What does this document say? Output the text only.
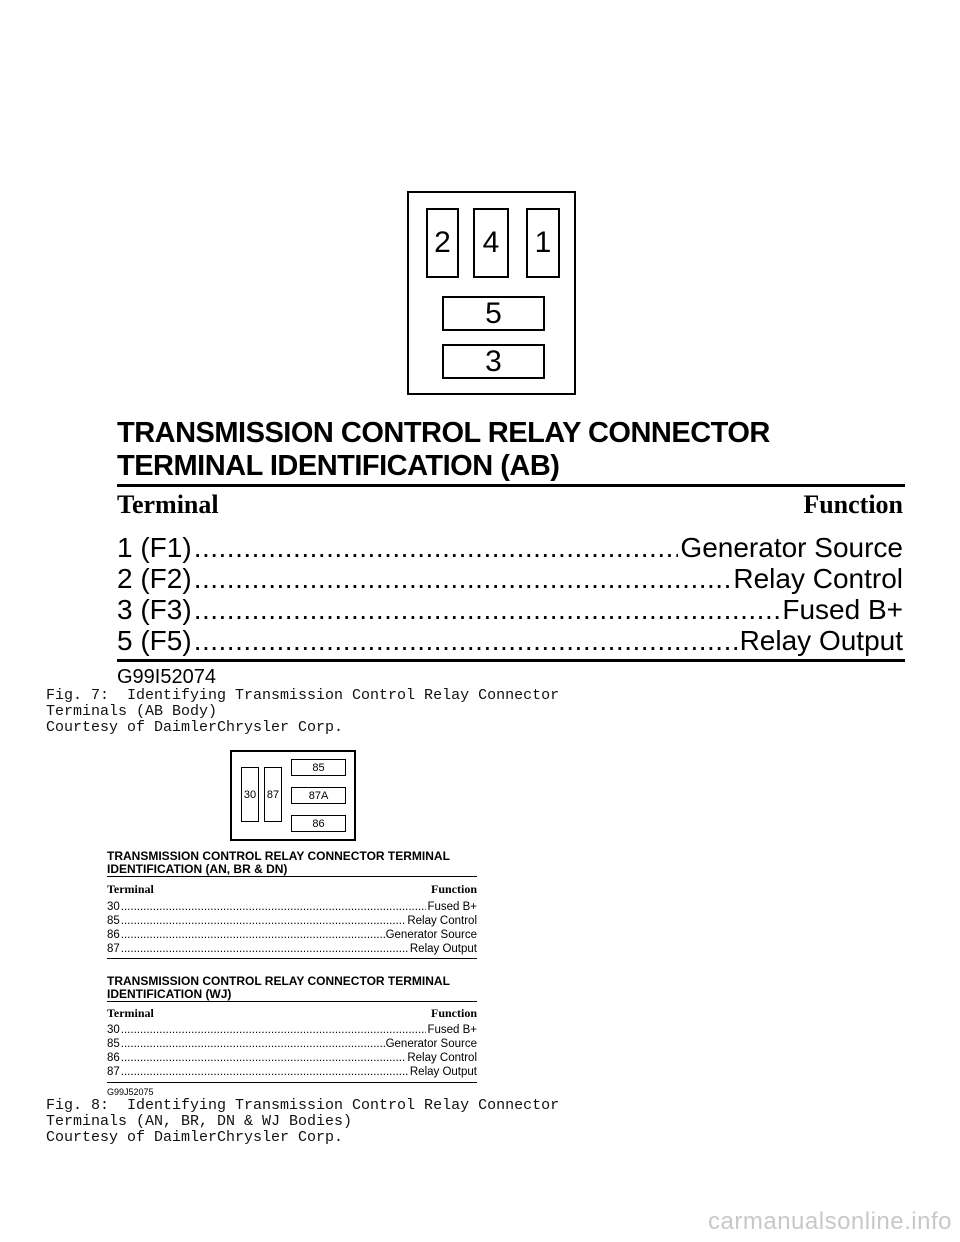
2	4	1
5
3
TRANSMISSION CONTROL RELAY CONNECTOR TERMINAL IDENTIFICATION (AB)
Terminal	Function
1 (F1) .....	Generator Source
2 (F2) .....	Relay Control
3 (F3) .....	Fused B+
5 (F5) .....	Relay Output
G99I52074
Fig. 7:  Identifying Transmission Control Relay Connector
Terminals (AB Body)
Courtesy of DaimlerChrysler Corp.
30 87
85
87A
86
TRANSMISSION CONTROL RELAY CONNECTOR TERMINAL IDENTIFICATION (AN, BR & DN)
Terminal	Function
30 .....	Fused B+
85 .....	Relay Control
86 .....	Generator Source
87 .....	Relay Output
TRANSMISSION CONTROL RELAY CONNECTOR TERMINAL IDENTIFICATION (WJ)
Terminal	Function
30 .....	Fused B+
85 .....	Generator Source
86 .....	Relay Control
87 .....	Relay Output
G99J52075
Fig. 8:  Identifying Transmission Control Relay Connector
Terminals (AN, BR, DN & WJ Bodies)
Courtesy of DaimlerChrysler Corp.
carmanualsonline.info
